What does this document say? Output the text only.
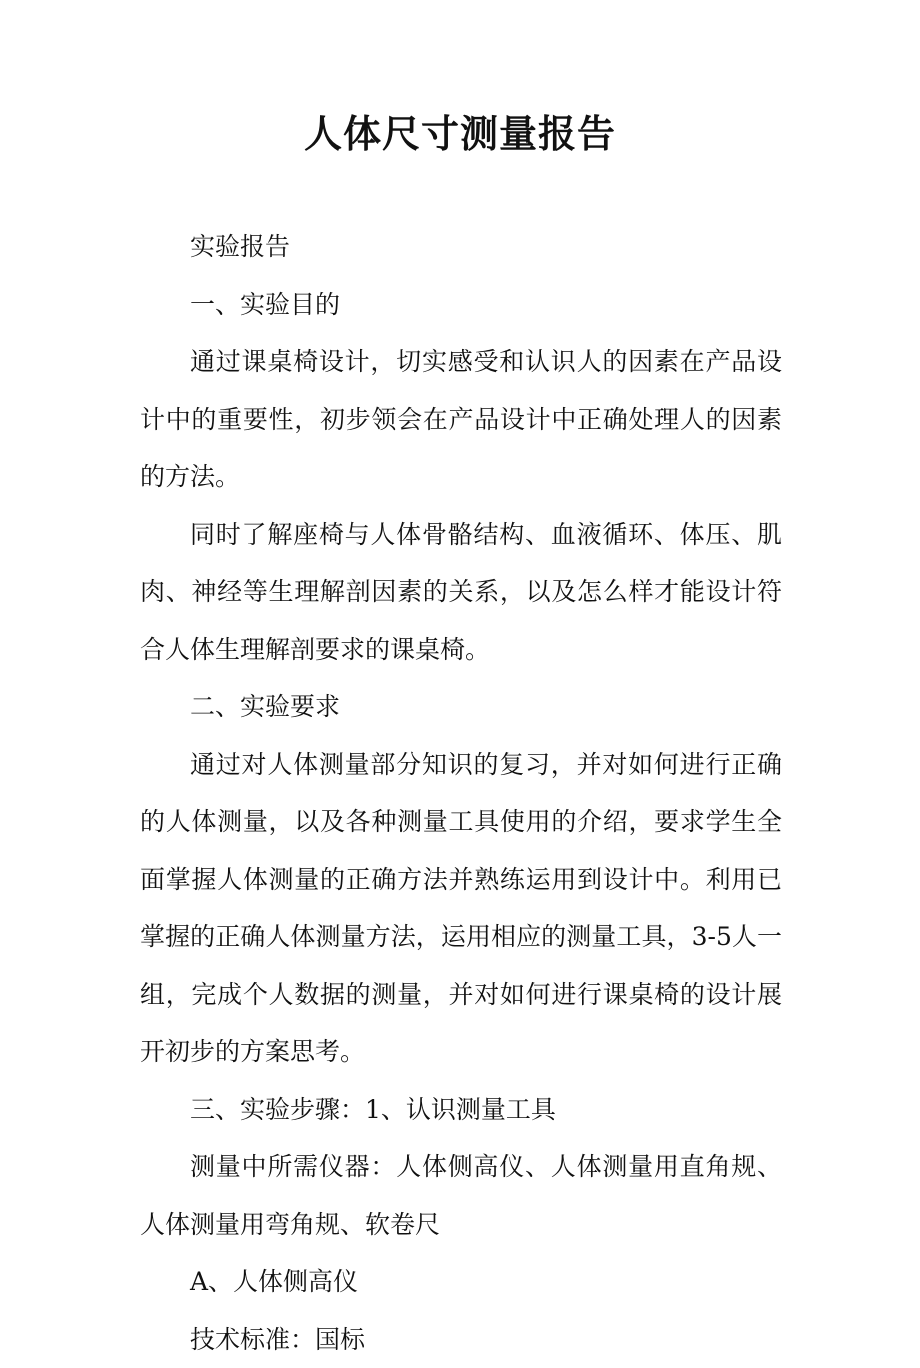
人体尺寸测量报告

实验报告

一、实验目的

通过课桌椅设计，切实感受和认识人的因素在产品设计中的重要性，初步领会在产品设计中正确处理人的因素的方法。

同时了解座椅与人体骨骼结构、血液循环、体压、肌肉、神经等生理解剖因素的关系，以及怎么样才能设计符合人体生理解剖要求的课桌椅。

二、实验要求

通过对人体测量部分知识的复习，并对如何进行正确的人体测量，以及各种测量工具使用的介绍，要求学生全面掌握人体测量的正确方法并熟练运用到设计中。利用已掌握的正确人体测量方法，运用相应的测量工具，3-5人一组，完成个人数据的测量，并对如何进行课桌椅的设计展开初步的方案思考。

三、实验步骤：1、认识测量工具

测量中所需仪器：人体侧高仪、人体测量用直角规、人体测量用弯角规、软卷尺

A、人体侧高仪

技术标准：国标
